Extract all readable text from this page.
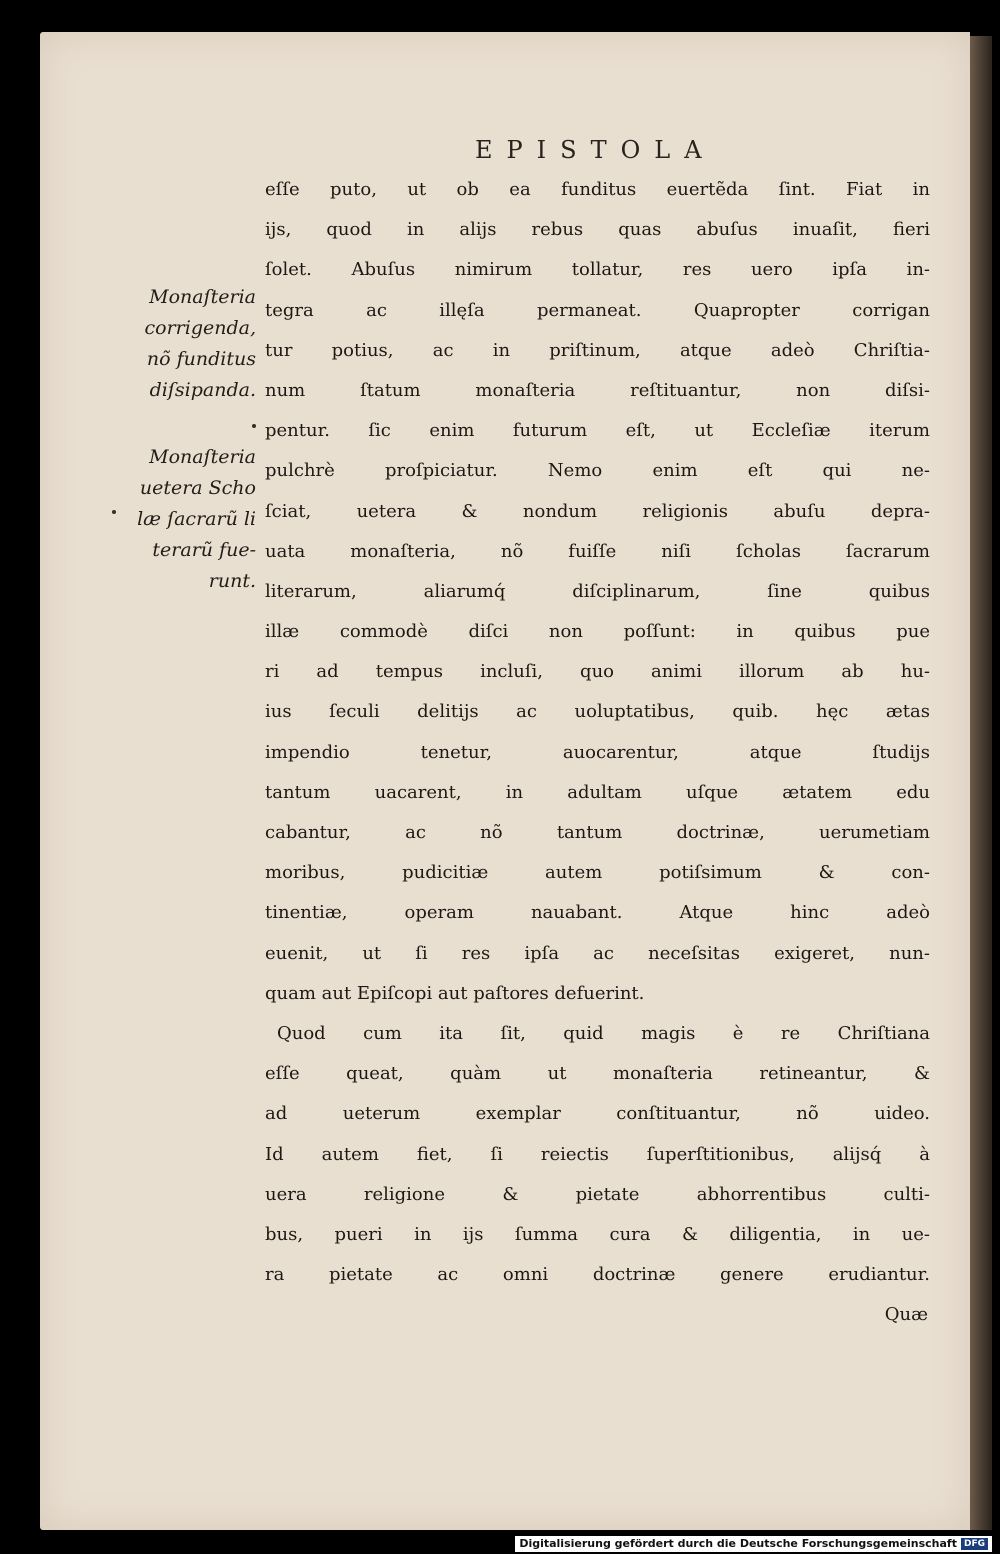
EPISTOLA
Monaſteria
corrigenda,
nõ funditus
diſsipanda.
Monaſteria
uetera Scho
læ ſacrarũ li
terarũ fue-
runt.
eſſe puto, ut ob ea funditus euertẽda ſint. Fiat in
ijs, quod in alijs rebus quas abuſus inuaſit, fieri
ſolet. Abuſus nimirum tollatur, res uero ipſa in-
tegra ac illęſa permaneat. Quapropter corrigan
tur potius, ac in priſtinum, atque adeò Chriſtia-
num ſtatum monaſteria reſtituantur, non diſsi-
pentur. ſic enim futurum eſt, ut Eccleſiæ iterum
pulchrè proſpiciatur. Nemo enim eſt qui ne-
ſciat, uetera & nondum religionis abuſu depra-
uata monaſteria, nõ fuiſſe niſi ſcholas ſacrarum
literarum, aliarumq́ diſciplinarum, ſine quibus
illæ commodè diſci non poſſunt: in quibus pue
ri ad tempus incluſi, quo animi illorum ab hu-
ius ſeculi delitijs ac uoluptatibus, quib. hęc ætas
impendio tenetur, auocarentur, atque ſtudijs
tantum uacarent, in adultam uſque ætatem edu
cabantur, ac nõ tantum doctrinæ, uerumetiam
moribus, pudicitiæ autem potiſsimum & con-
tinentiæ, operam nauabant. Atque hinc adeò
euenit, ut ſi res ipſa ac neceſsitas exigeret, nun-
quam aut Epiſcopi aut paſtores defuerint.
Quod cum ita ſit, quid magis è re Chriſtiana
eſſe queat, quàm ut monaſteria retineantur, &
ad ueterum exemplar conſtituantur, nõ uideo.
Id autem fiet, ſi reiectis ſuperſtitionibus, alijsq́ à
uera religione & pietate abhorrentibus culti-
bus, pueri in ijs ſumma cura & diligentia, in ue-
ra pietate ac omni doctrinæ genere erudiantur.
Quæ
Digitalisierung gefördert durch die Deutsche Forschungsgemeinschaft DFG
